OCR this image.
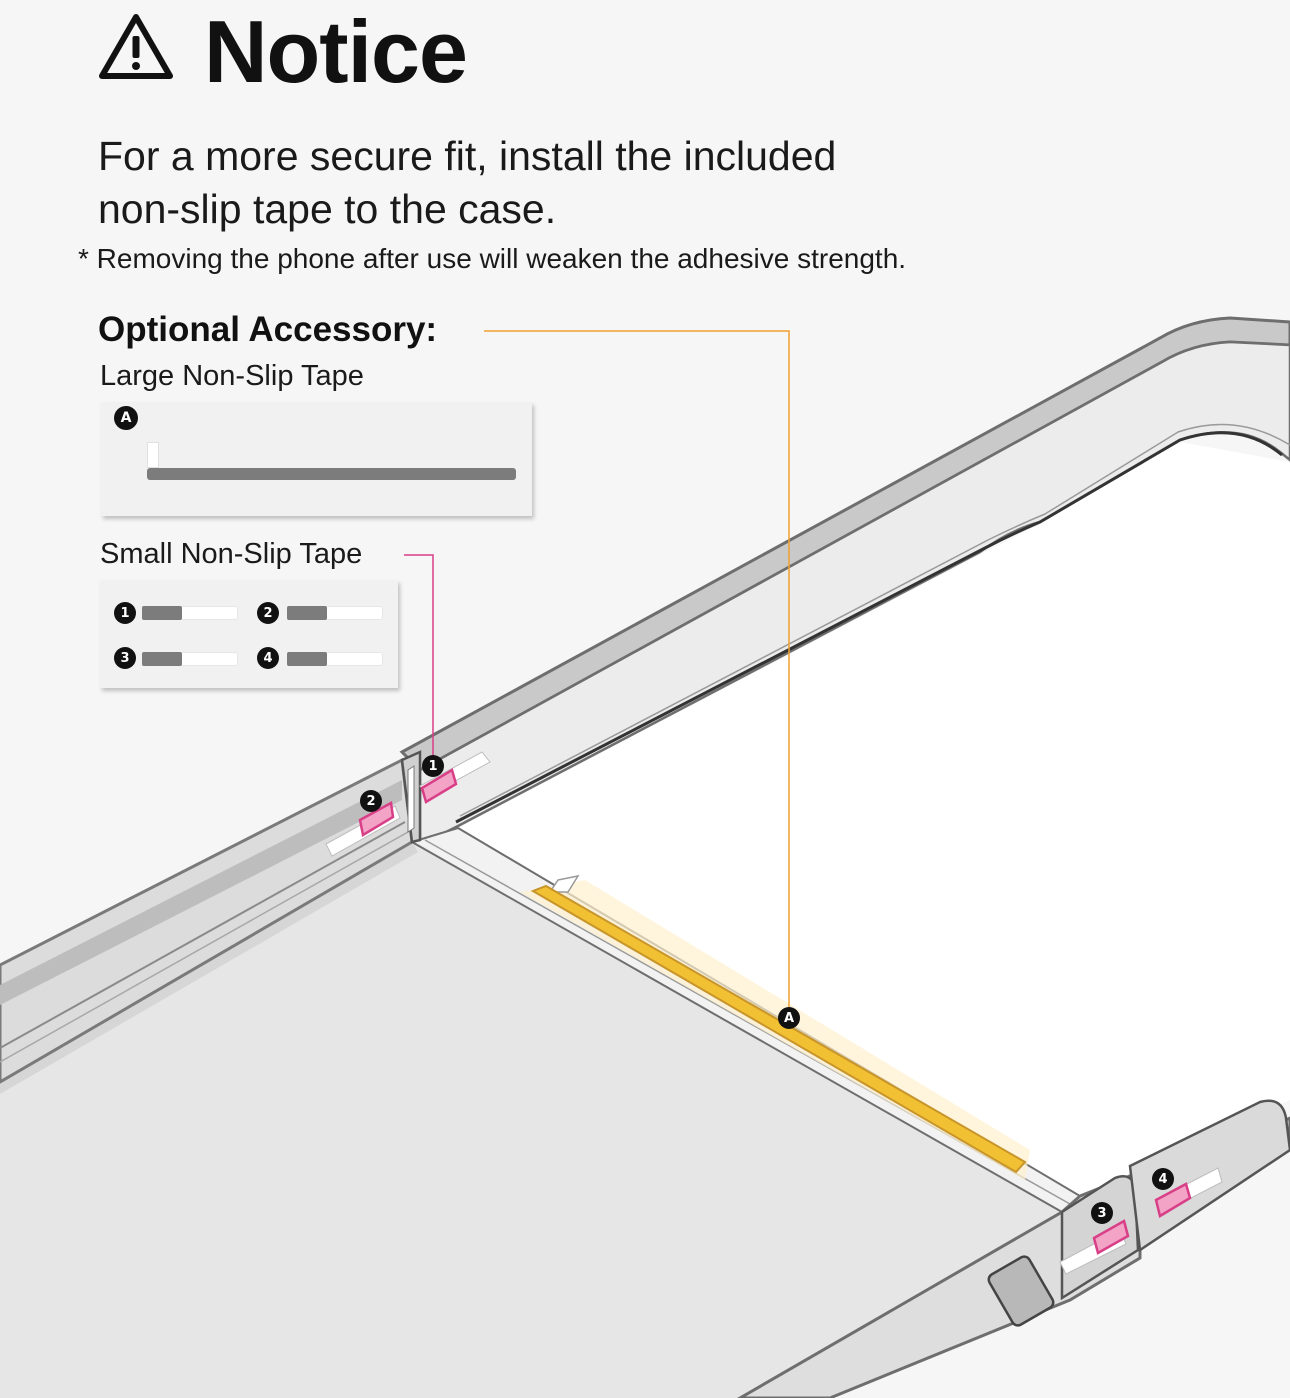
Notice
For a more secure fit, install the included
non-slip tape to the case.
* Removing the phone after use will weaken the adhesive strength.
Optional Accessory:
Large Non-Slip Tape
A
Small Non-Slip Tape
1	2
3	4
A
1
2
3
4
